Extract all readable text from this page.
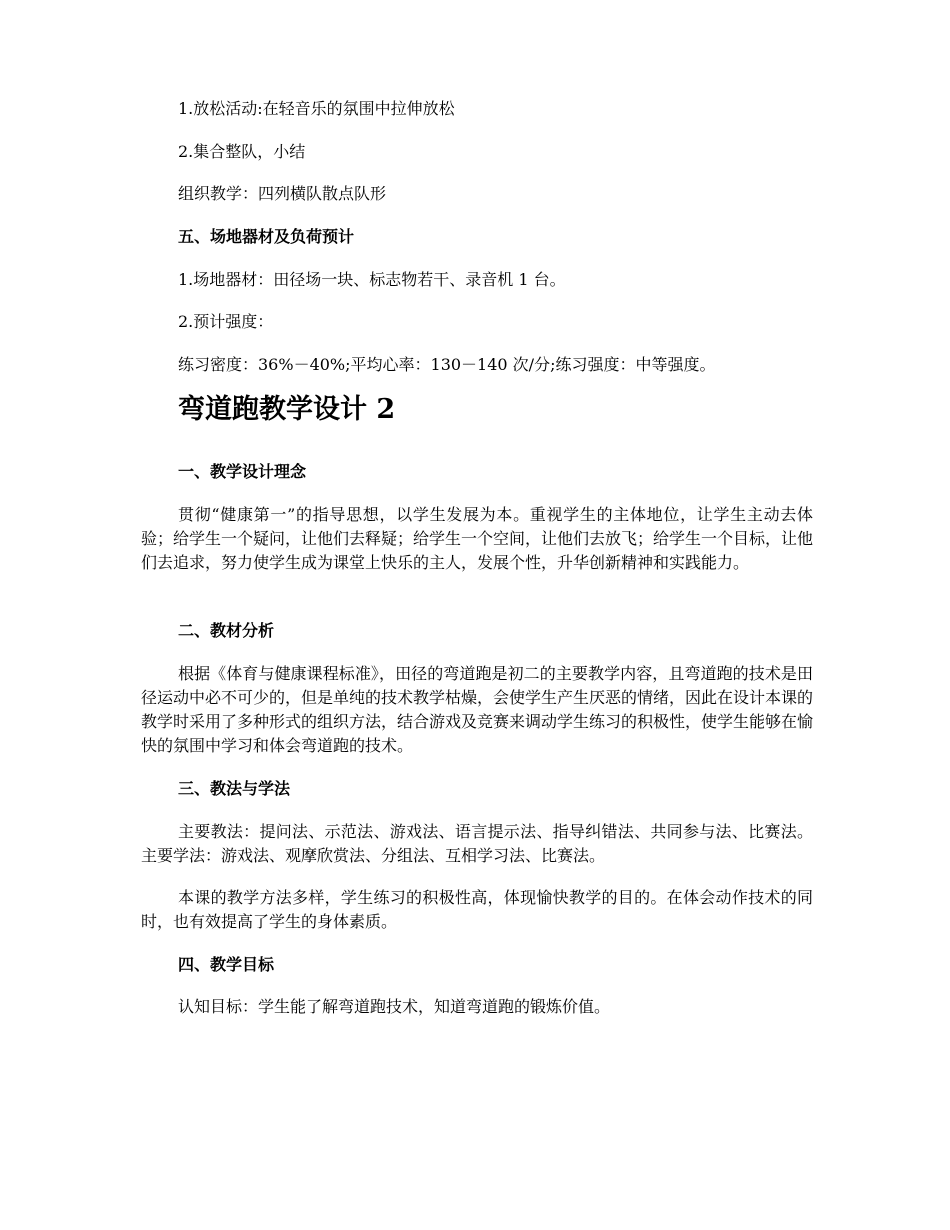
1.放松活动:在轻音乐的氛围中拉伸放松

2.集合整队，小结

组织教学：四列横队散点队形

五、场地器材及负荷预计

1.场地器材：田径场一块、标志物若干、录音机 1 台。

2.预计强度：

练习密度：36%－40%;平均心率：130－140 次/分;练习强度：中等强度。

弯道跑教学设计 2

一、教学设计理念

贯彻“健康第一”的指导思想，以学生发展为本。重视学生的主体地位，让学生主动去体验；给学生一个疑问，让他们去释疑；给学生一个空间，让他们去放飞；给学生一个目标，让他们去追求，努力使学生成为课堂上快乐的主人，发展个性，升华创新精神和实践能力。

二、教材分析

根据《体育与健康课程标准》，田径的弯道跑是初二的主要教学内容，且弯道跑的技术是田径运动中必不可少的，但是单纯的技术教学枯燥，会使学生产生厌恶的情绪，因此在设计本课的教学时采用了多种形式的组织方法，结合游戏及竞赛来调动学生练习的积极性，使学生能够在愉快的氛围中学习和体会弯道跑的技术。

三、教法与学法

主要教法：提问法、示范法、游戏法、语言提示法、指导纠错法、共同参与法、比赛法。 主要学法：游戏法、观摩欣赏法、分组法、互相学习法、比赛法。

本课的教学方法多样，学生练习的积极性高，体现愉快教学的目的。在体会动作技术的同时，也有效提高了学生的身体素质。

四、教学目标

认知目标：学生能了解弯道跑技术，知道弯道跑的锻炼价值。
